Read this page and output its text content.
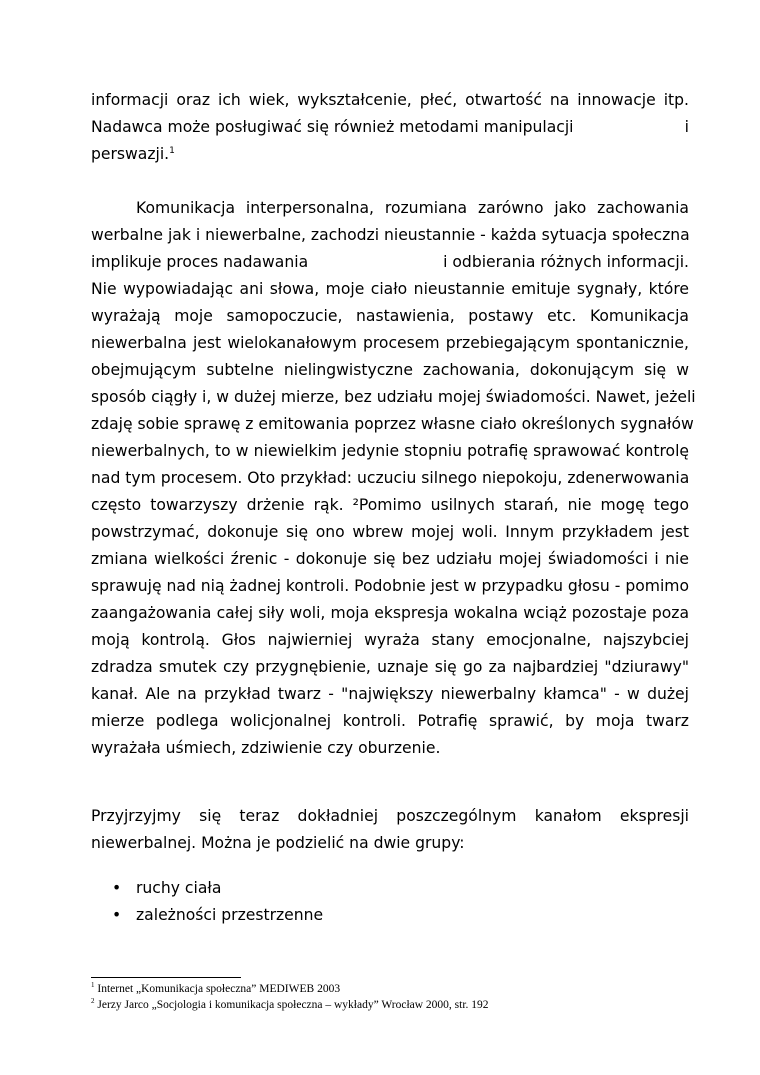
informacji oraz ich wiek, wykształcenie, płeć, otwartość na innowacje itp.
Nadawca może posługiwać się również metodami manipulacji	i
perswazji.$^1$
Komunikacja interpersonalna, rozumiana zarówno jako zachowania
werbalne jak i niewerbalne, zachodzi nieustannie - każda sytuacja społeczna
implikuje proces nadawania	i odbierania różnych informacji.
Nie wypowiadając ani słowa, moje ciało nieustannie emituje sygnały, które
wyrażają moje samopoczucie, nastawienia, postawy etc. Komunikacja
niewerbalna jest wielokanałowym procesem przebiegającym spontanicznie,
obejmującym subtelne nielingwistyczne zachowania, dokonującym się w
sposób ciągły i, w dużej mierze, bez udziału mojej świadomości. Nawet, jeżeli
zdaję sobie sprawę z emitowania poprzez własne ciało określonych sygnałów
niewerbalnych, to w niewielkim jedynie stopniu potrafię sprawować kontrolę
nad tym procesem. Oto przykład: uczuciu silnego niepokoju, zdenerwowania
często towarzyszy drżenie rąk. ²Pomimo usilnych starań, nie mogę tego
powstrzymać, dokonuje się ono wbrew mojej woli. Innym przykładem jest
zmiana wielkości źrenic - dokonuje się bez udziału mojej świadomości i nie
sprawuję nad nią żadnej kontroli. Podobnie jest w przypadku głosu - pomimo
zaangażowania całej siły woli, moja ekspresja wokalna wciąż pozostaje poza
moją kontrolą. Głos najwierniej wyraża stany emocjonalne, najszybciej
zdradza smutek czy przygnębienie, uznaje się go za najbardziej "dziurawy"
kanał. Ale na przykład twarz - "największy niewerbalny kłamca" - w dużej
mierze podlega wolicjonalnej kontroli. Potrafię sprawić, by moja twarz
wyrażała uśmiech, zdziwienie czy oburzenie.
Przyjrzyjmy się teraz dokładniej poszczególnym kanałom ekspresji
niewerbalnej. Można je podzielić na dwie grupy:
• ruchy ciała
• zależności przestrzenne
$^1$ Internet „Komunikacja społeczna” MEDIWEB 2003
$^2$ Jerzy Jarco „Socjologia i komunikacja społeczna – wykłady” Wrocław 2000, str. 192
